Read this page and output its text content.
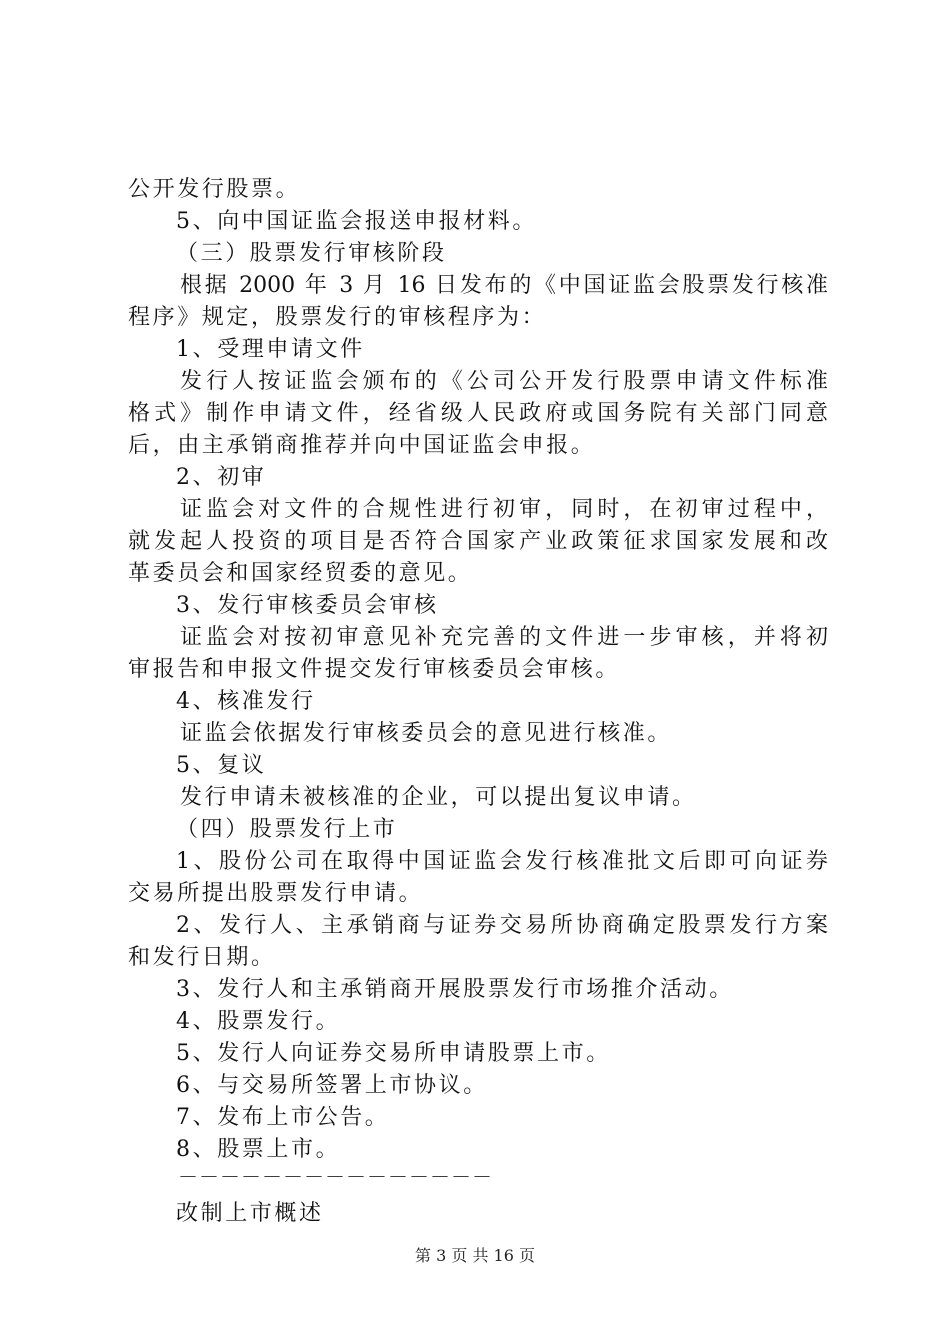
公开发行股票。
5、向中国证监会报送申报材料。
（三）股票发行审核阶段
根据 2000 年 3 月 16 日发布的《中国证监会股票发行核准
程序》规定，股票发行的审核程序为：
1、受理申请文件
发行人按证监会颁布的《公司公开发行股票申请文件标准
格式》制作申请文件，经省级人民政府或国务院有关部门同意
后，由主承销商推荐并向中国证监会申报。
2、初审
证监会对文件的合规性进行初审，同时，在初审过程中，
就发起人投资的项目是否符合国家产业政策征求国家发展和改
革委员会和国家经贸委的意见。
3、发行审核委员会审核
证监会对按初审意见补充完善的文件进一步审核，并将初
审报告和申报文件提交发行审核委员会审核。
4、核准发行
证监会依据发行审核委员会的意见进行核准。
5、复议
发行申请未被核准的企业，可以提出复议申请。
（四）股票发行上市
1、股份公司在取得中国证监会发行核准批文后即可向证券
交易所提出股票发行申请。
2、发行人、主承销商与证券交易所协商确定股票发行方案
和发行日期。
3、发行人和主承销商开展股票发行市场推介活动。
4、股票发行。
5、发行人向证券交易所申请股票上市。
6、与交易所签署上市协议。
7、发布上市公告。
8、股票上市。
－－－－－－－－－－－－－－－
改制上市概述
第 3 页 共 16 页
